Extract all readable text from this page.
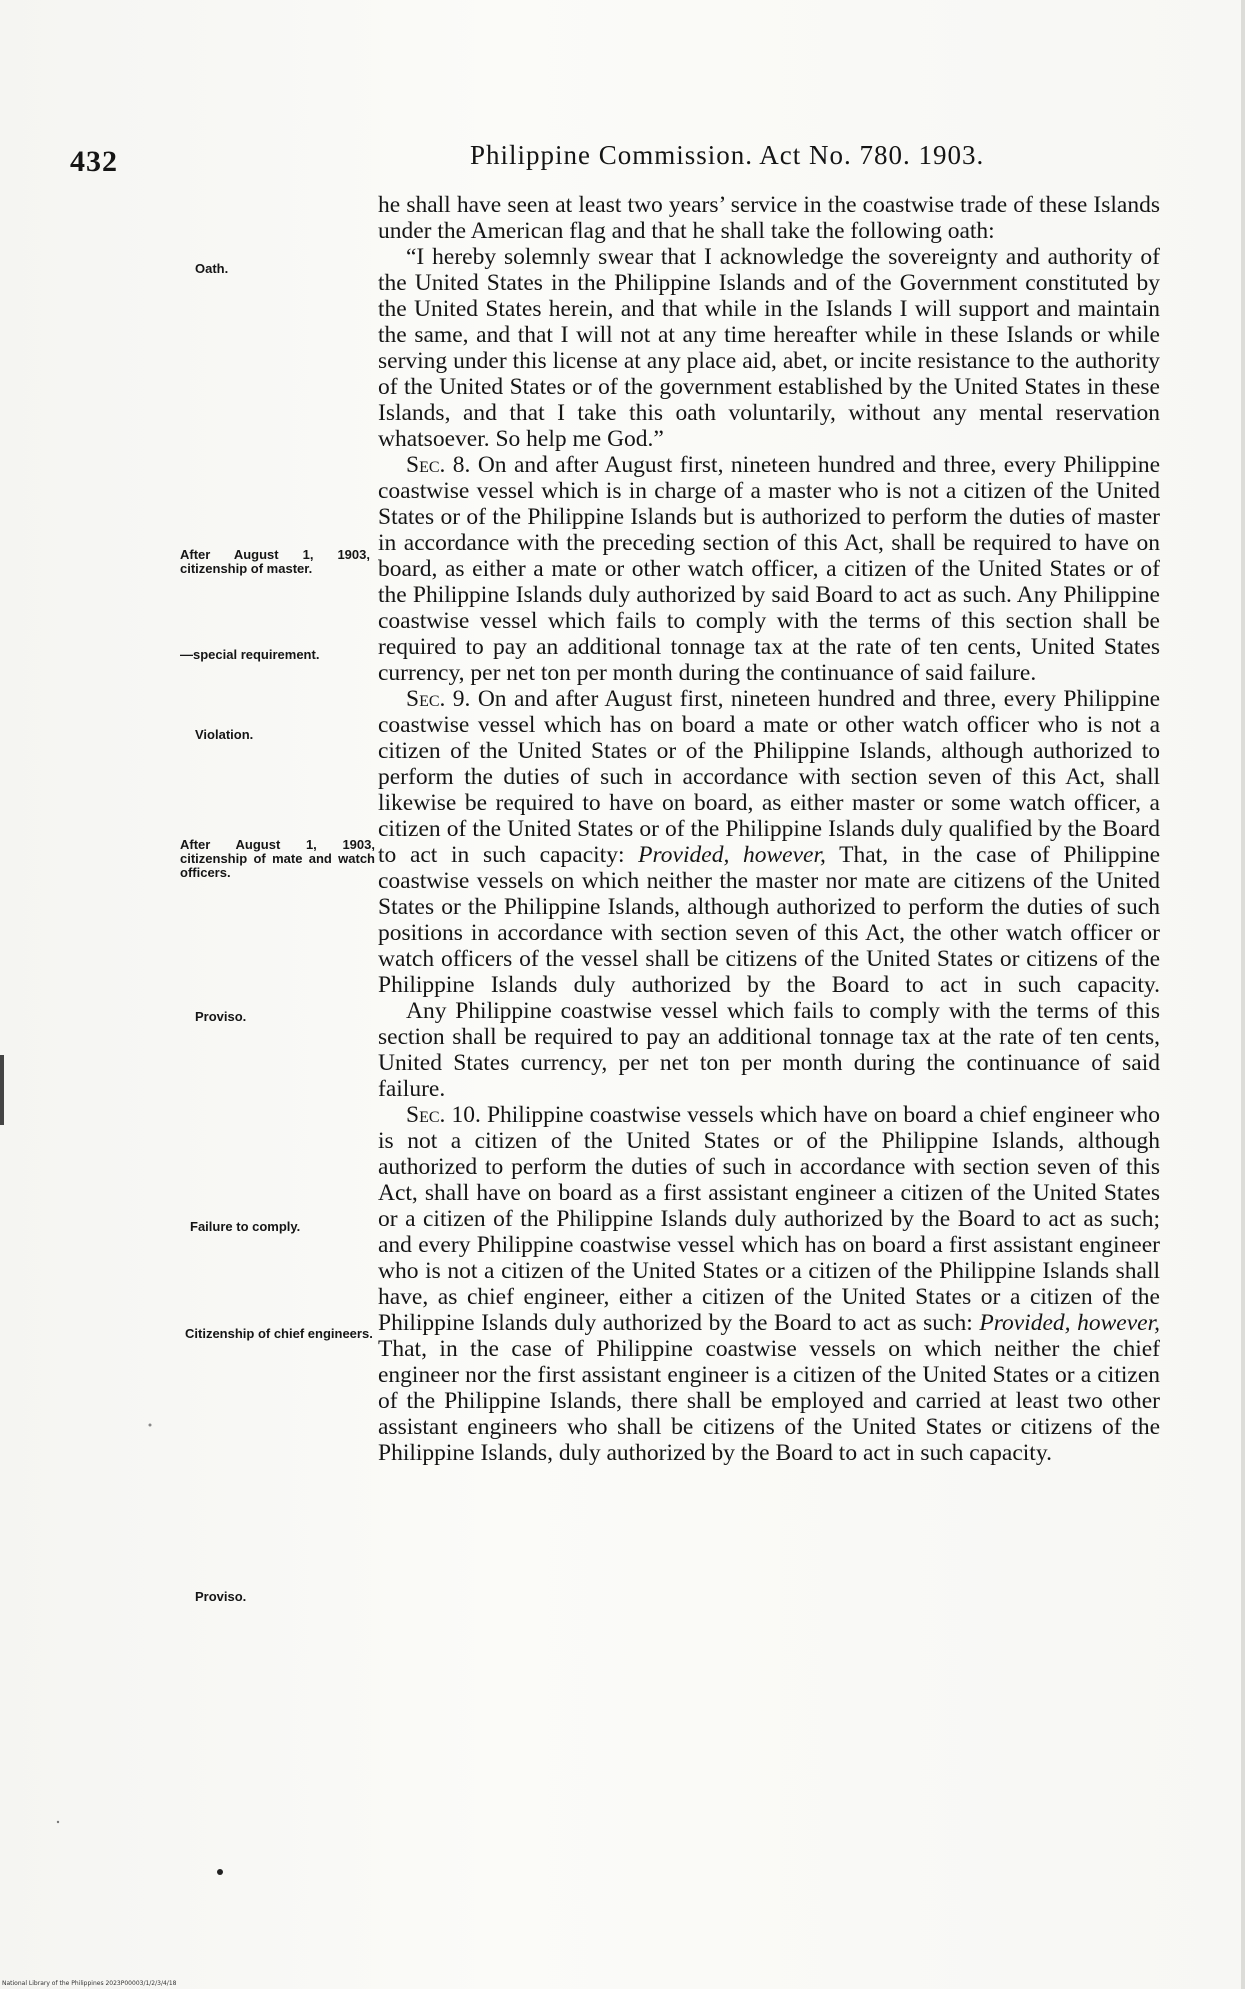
432	Philippine Commission. Act No. 780. 1903.
Oath.
After August 1, 1903, citizenship of master.
—special requirement.
Violation.
After August 1, 1903, citizenship of mate and watch officers.
Proviso.
Failure to comply.
Citizenship of chief engineers.
Proviso.

he shall have seen at least two years’ service in the coastwise trade of these Islands under the American flag and that he shall take the following oath:

“I hereby solemnly swear that I acknowledge the sovereignty and authority of the United States in the Philippine Islands and of the Government constituted by the United States herein, and that while in the Islands I will support and maintain the same, and that I will not at any time hereafter while in these Islands or while serving under this license at any place aid, abet, or incite resistance to the authority of the United States or of the government established by the United States in these Islands, and that I take this oath voluntarily, without any mental reservation whatsoever. So help me God.”

Sec. 8. On and after August first, nineteen hundred and three, every Philippine coastwise vessel which is in charge of a master who is not a citizen of the United States or of the Philippine Islands but is authorized to perform the duties of master in accordance with the preceding section of this Act, shall be required to have on board, as either a mate or other watch officer, a citizen of the United States or of the Philippine Islands duly authorized by said Board to act as such. Any Philippine coastwise vessel which fails to comply with the terms of this section shall be required to pay an additional tonnage tax at the rate of ten cents, United States currency, per net ton per month during the continuance of said failure.

Sec. 9. On and after August first, nineteen hundred and three, every Philippine coastwise vessel which has on board a mate or other watch officer who is not a citizen of the United States or of the Philippine Islands, although authorized to perform the duties of such in accordance with section seven of this Act, shall likewise be required to have on board, as either master or some watch officer, a citizen of the United States or of the Philippine Islands duly qualified by the Board to act in such capacity: Provided, however, That, in the case of Philippine coastwise vessels on which neither the master nor mate are citizens of the United States or the Philippine Islands, although authorized to perform the duties of such positions in accordance with section seven of this Act, the other watch officer or watch officers of the vessel shall be citizens of the United States or citizens of the Philippine Islands duly authorized by the Board to act in such capacity.

Any Philippine coastwise vessel which fails to comply with the terms of this section shall be required to pay an additional tonnage tax at the rate of ten cents, United States currency, per net ton per month during the continuance of said failure.

Sec. 10. Philippine coastwise vessels which have on board a chief engineer who is not a citizen of the United States or of the Philippine Islands, although authorized to perform the duties of such in accordance with section seven of this Act, shall have on board as a first assistant engineer a citizen of the United States or a citizen of the Philippine Islands duly authorized by the Board to act as such; and every Philippine coastwise vessel which has on board a first assistant engineer who is not a citizen of the United States or a citizen of the Philippine Islands shall have, as chief engineer, either a citizen of the United States or a citizen of the Philippine Islands duly authorized by the Board to act as such: Provided, however, That, in the case of Philippine coastwise vessels on which neither the chief engineer nor the first assistant engineer is a citizen of the United States or a citizen of the Philippine Islands, there shall be employed and carried at least two other assistant engineers who shall be citizens of the United States or citizens of the Philippine Islands, duly authorized by the Board to act in such capacity.

National Library of the Philippines 2023P00003/1/2/3/4/18
